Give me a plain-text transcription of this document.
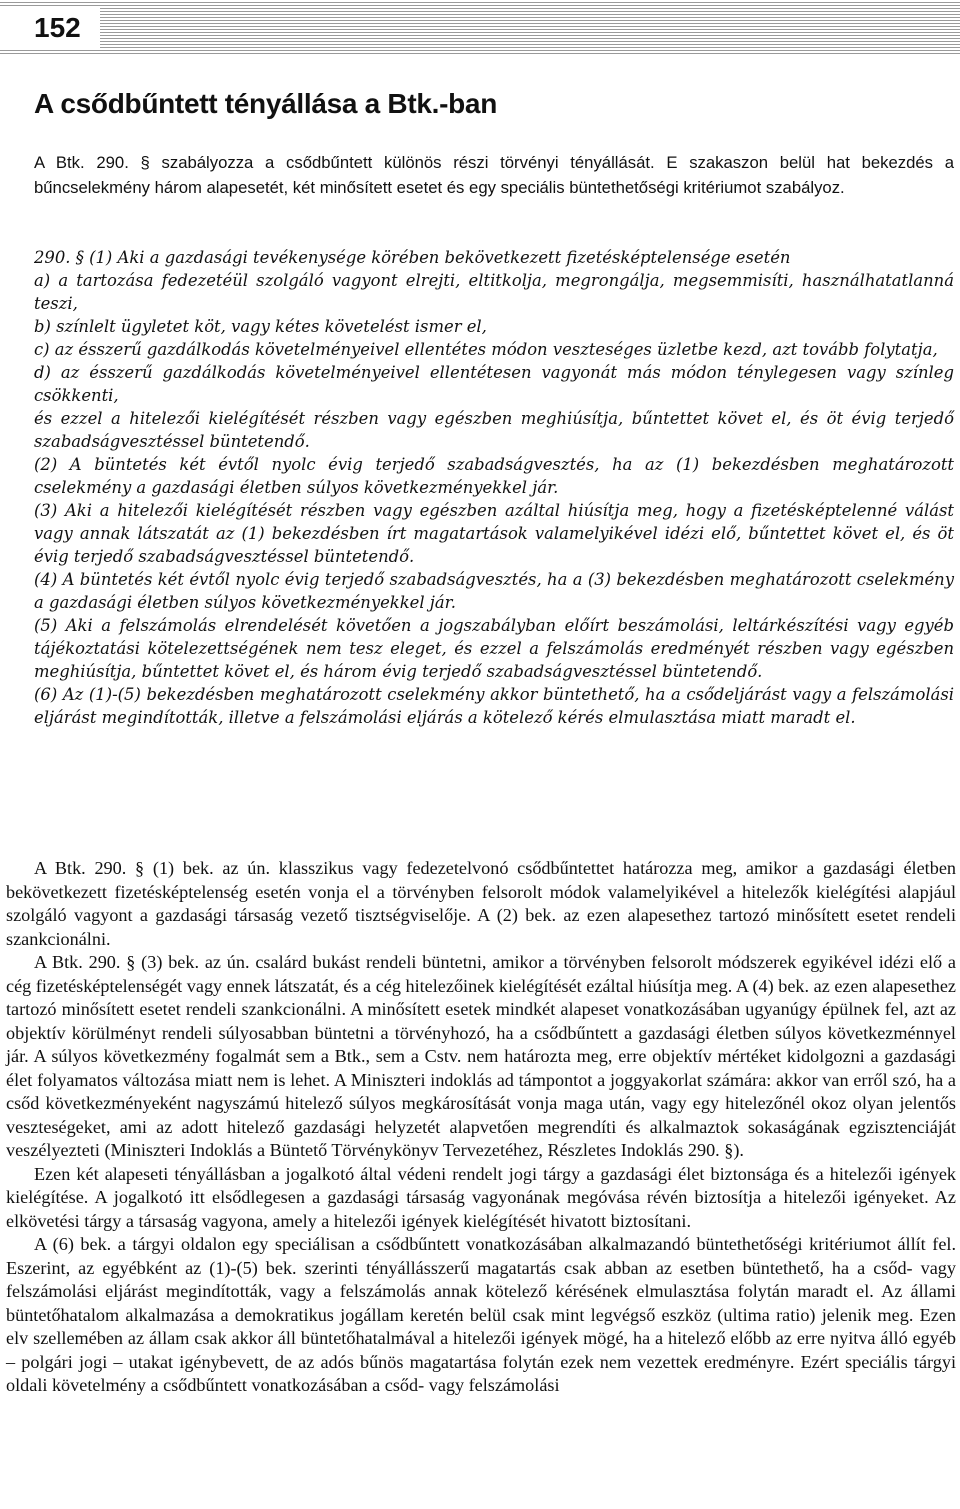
152
A csődbűntett tényállása a Btk.-ban

A Btk. 290. § szabályozza a csődbűntett különös részi törvényi tényállását. E szakaszon belül hat bekezdés a bűncselekmény három alapesetét, két minősített esetet és egy speciális büntethetőségi kritériumot szabályoz.

290. § (1) Aki a gazdasági tevékenysége körében bekövetkezett fizetésképtelensége esetén

a) a tartozása fedezetéül szolgáló vagyont elrejti, eltitkolja, megrongálja, megsemmisíti, használhatatlanná teszi,

b) színlelt ügyletet köt, vagy kétes követelést ismer el,

c) az ésszerű gazdálkodás követelményeivel ellentétes módon veszteséges üzletbe kezd, azt tovább folytatja,

d) az ésszerű gazdálkodás követelményeivel ellentétesen vagyonát más módon ténylegesen vagy színleg csökkenti,

és ezzel a hitelezői kielégítését részben vagy egészben meghiúsítja, bűntettet követ el, és öt évig terjedő szabadságvesztéssel büntetendő.

(2) A büntetés két évtől nyolc évig terjedő szabadságvesztés, ha az (1) bekezdésben meghatározott cselekmény a gazdasági életben súlyos következményekkel jár.

(3) Aki a hitelezői kielégítését részben vagy egészben azáltal hiúsítja meg, hogy a fizetésképtelenné válást vagy annak látszatát az (1) bekezdésben írt magatartások valamelyikével idézi elő, bűntettet követ el, és öt évig terjedő szabadságvesztéssel büntetendő.

(4) A büntetés két évtől nyolc évig terjedő szabadságvesztés, ha a (3) bekezdésben meghatározott cselekmény a gazdasági életben súlyos következményekkel jár.

(5) Aki a felszámolás elrendelését követően a jogszabályban előírt beszámolási, leltárkészítési vagy egyéb tájékoztatási kötelezettségének nem tesz eleget, és ezzel a felszámolás eredményét részben vagy egészben meghiúsítja, bűntettet követ el, és három évig terjedő szabadságvesztéssel büntetendő.

(6) Az (1)-(5) bekezdésben meghatározott cselekmény akkor büntethető, ha a csődeljárást vagy a felszámolási eljárást megindították, illetve a felszámolási eljárás a kötelező kérés elmulasztása miatt maradt el.

A Btk. 290. § (1) bek. az ún. klasszikus vagy fedezetelvonó csődbűntettet határozza meg, amikor a gazdasági életben bekövetkezett fizetésképtelenség esetén vonja el a törvényben felsorolt módok valamelyikével a hitelezők kielégítési alapjául szolgáló vagyont a gazdasági társaság vezető tisztségviselője. A (2) bek. az ezen alapesethez tartozó minősített esetet rendeli szankcionálni.

A Btk. 290. § (3) bek. az ún. csalárd bukást rendeli büntetni, amikor a törvényben felsorolt módszerek egyikével idézi elő a cég fizetésképtelenségét vagy ennek látszatát, és a cég hitelezőinek kielégítését ezáltal hiúsítja meg. A (4) bek. az ezen alapesethez tartozó minősített esetet rendeli szankcionálni. A minősített esetek mindkét alapeset vonatkozásában ugyanúgy épülnek fel, azt az objektív körülményt rendeli súlyosabban büntetni a törvényhozó, ha a csődbűntett a gazdasági életben súlyos következménnyel jár. A súlyos következmény fogalmát sem a Btk., sem a Cstv. nem határozta meg, erre objektív mértéket kidolgozni a gazdasági élet folyamatos változása miatt nem is lehet. A Miniszteri indoklás ad támpontot a joggyakorlat számára: akkor van erről szó, ha a csőd következményeként nagyszámú hitelező súlyos megkárosítását vonja maga után, vagy egy hitelezőnél okoz olyan jelentős veszteségeket, ami az adott hitelező gazdasági helyzetét alapvetően megrendíti és alkalmaztok sokaságának egzisztenciáját veszélyezteti (Miniszteri Indoklás a Büntető Törvénykönyv Tervezetéhez, Részletes Indoklás 290. §).

Ezen két alapeseti tényállásban a jogalkotó által védeni rendelt jogi tárgy a gazdasági élet biztonsága és a hitelezői igények kielégítése. A jogalkotó itt elsődlegesen a gazdasági társaság vagyonának megóvása révén biztosítja a hitelezői igényeket. Az elkövetési tárgy a társaság vagyona, amely a hitelezői igények kielégítését hivatott biztosítani.

A (6) bek. a tárgyi oldalon egy speciálisan a csődbűntett vonatkozásában alkalmazandó büntethetőségi kritériumot állít fel. Eszerint, az egyébként az (1)-(5) bek. szerinti tényállásszerű magatartás csak abban az esetben büntethető, ha a csőd- vagy felszámolási eljárást megindították, vagy a felszámolás annak kötelező kérésének elmulasztása folytán maradt el. Az állami büntetőhatalom alkalmazása a demokratikus jogállam keretén belül csak mint legvégső eszköz (ultima ratio) jelenik meg. Ezen elv szellemében az állam csak akkor áll büntetőhatalmával a hitelezői igények mögé, ha a hitelező előbb az erre nyitva álló egyéb – polgári jogi – utakat igénybevett, de az adós bűnös magatartása folytán ezek nem vezettek eredményre. Ezért speciális tárgyi oldali követelmény a csődbűntett vonatkozásában a csőd- vagy felszámolási
